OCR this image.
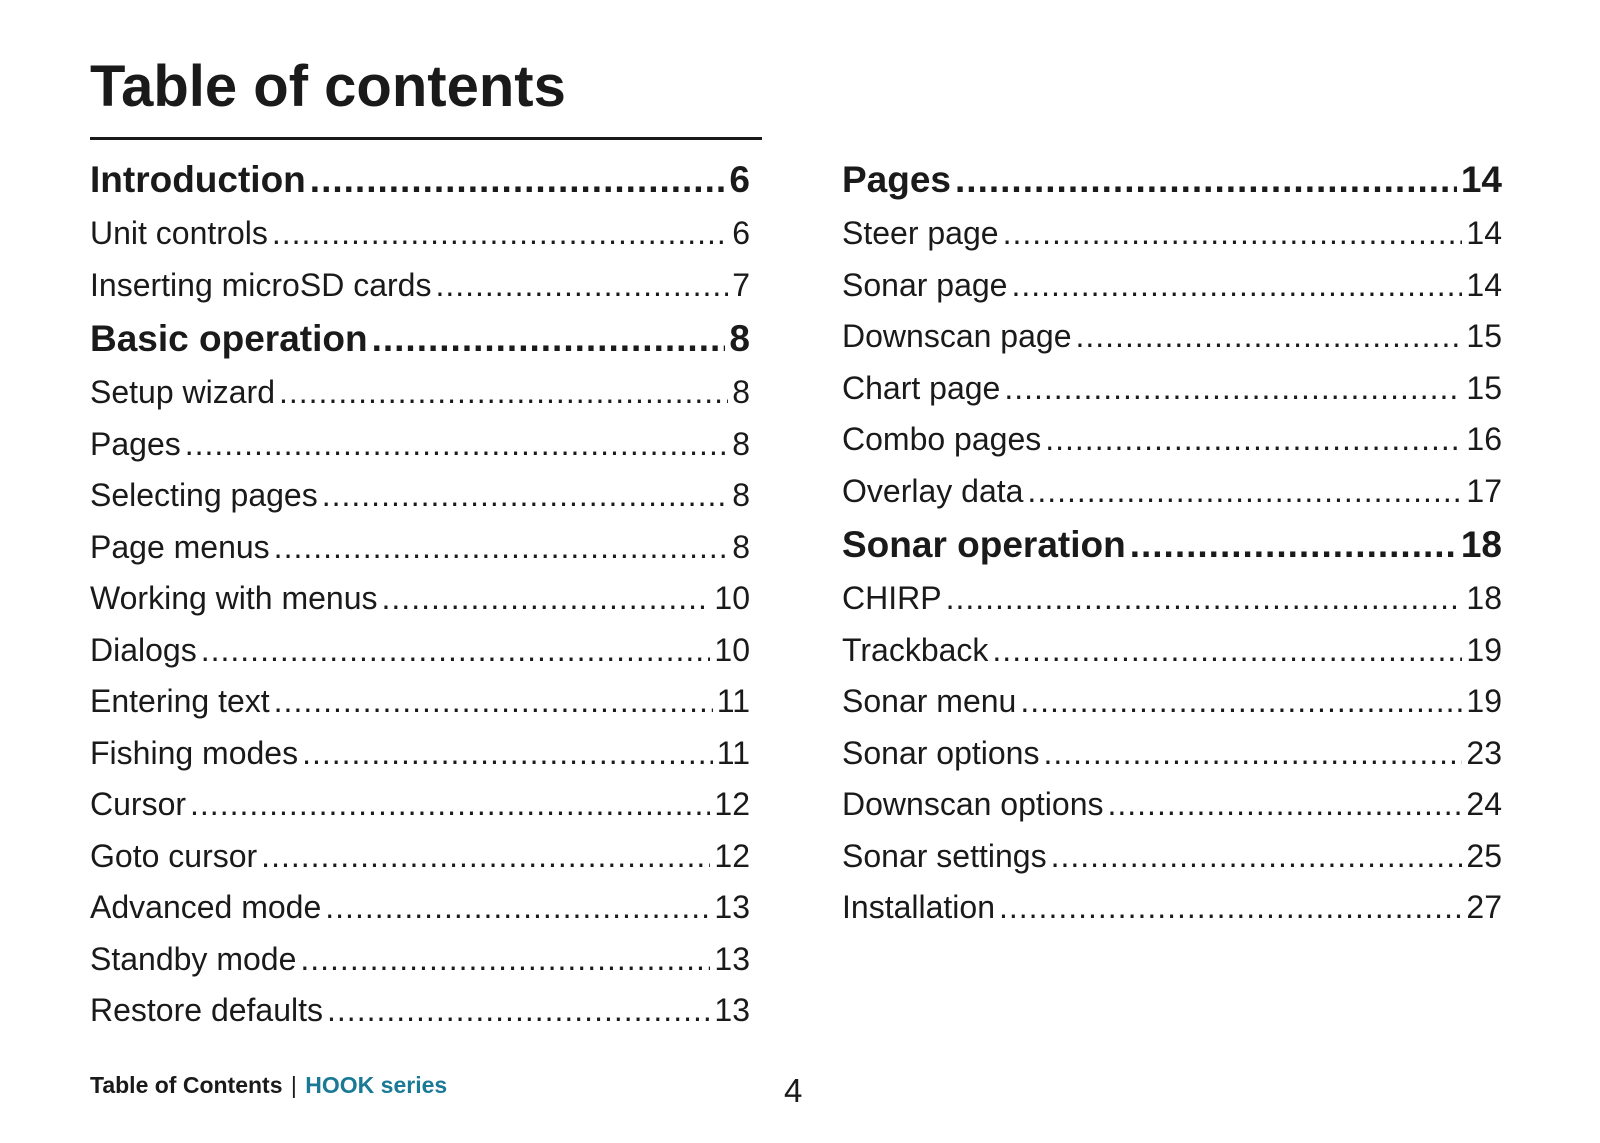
Table of contents
Introduction .....	6
Unit controls .....	6
Inserting microSD cards .....	7
Basic operation .....	8
Setup wizard .....	8
Pages .....	8
Selecting pages .....	8
Page menus .....	8
Working with menus .....	10
Dialogs .....	10
Entering text .....	11
Fishing modes .....	11
Cursor .....	12
Goto cursor .....	12
Advanced mode .....	13
Standby mode .....	13
Restore defaults .....	13
Pages .....	14
Steer page .....	14
Sonar page .....	14
Downscan page .....	15
Chart page .....	15
Combo pages .....	16
Overlay data .....	17
Sonar operation .....	18
CHIRP .....	18
Trackback .....	19
Sonar menu .....	19
Sonar options .....	23
Downscan options .....	24
Sonar settings .....	25
Installation .....	27
Table of Contents | HOOK series	4
